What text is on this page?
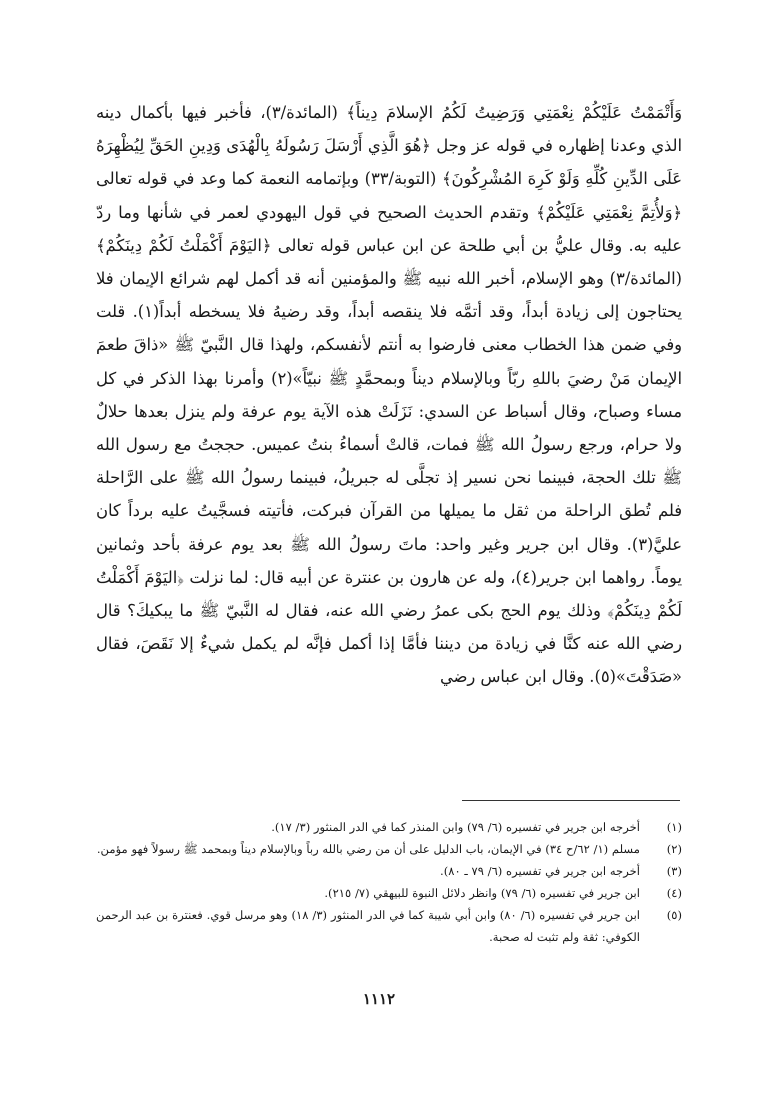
وَأَتْمَمْتُ عَلَيْكُمْ نِعْمَتِي وَرَضِيتُ لَكُمُ الإسلامَ دِيناً﴾ (المائدة/٣)، فأخبر فيها بأكمال دينه الذي وعدنا إظهاره في قوله عز وجل ﴿هُوَ الَّذِي أَرْسَلَ رَسُولَهُ بِالْهُدَى وَدِينِ الحَقِّ لِيُظْهِرَهُ عَلَى الدِّينِ كُلِّهِ وَلَوْ كَرِهَ المُشْرِكُونَ﴾ (التوبة/٣٣) وبإتمامه النعمة كما وعد في قوله تعالى ﴿وَلأُتِمَّ نِعْمَتِي عَلَيْكُمْ﴾ وتقدم الحديث الصحيح في قول اليهودي لعمر في شأنها وما ردّ عليه به. وقال عليُّ بن أبي طلحة عن ابن عباس قوله تعالى ﴿اليَوْمَ أَكْمَلْتُ لَكُمْ دِينَكُمْ﴾ (المائدة/٣) وهو الإسلام، أخبر الله نبيه ﷺ والمؤمنين أنه قد أكمل لهم شرائع الإيمان فلا يحتاجون إلى زيادة أبداً، وقد أتمَّه فلا ينقصه أبداً، وقد رضيهُ فلا يسخطه أبداً(١). قلت وفي ضمن هذا الخطاب معنى فارضوا به أنتم لأنفسكم، ولهذا قال النَّبيّ ﷺ «ذاقَ طعمَ الإيمان مَنْ رضيَ باللهِ ربّاً وبالإسلام ديناً وبمحمَّدٍ ﷺ نبيّاً»(٢) وأمرنا بهذا الذكر في كل مساء وصباح، وقال أسباط عن السدي: نَزَلَتْ هذه الآية يوم عرفة ولم ينزل بعدها حلالٌ ولا حرام، ورجع رسولُ الله ﷺ فمات، قالتْ أسماءُ بنتُ عميس. حججتُ مع رسول الله ﷺ تلك الحجة، فبينما نحن نسير إذ تجلَّى له جبريلُ، فبينما رسولُ الله ﷺ على الرَّاحلة فلم تُطق الراحلة من ثقل ما يميلها من القرآن فبركت، فأتيته فسجَّيتُ عليه برداً كان عليَّ(٣). وقال ابن جرير وغير واحد: ماتَ رسولُ الله ﷺ بعد يوم عرفة بأحد وثمانين يوماً. رواهما ابن جرير(٤)، وله عن هارون بن عنترة عن أبيه قال: لما نزلت ﴿اليَوْمَ أَكْمَلْتُ لَكُمْ دِينَكُمْ﴾ وذلك يوم الحج بكى عمرُ رضي الله عنه، فقال له النَّبيّ ﷺ ما يبكيكَ؟ قال رضي الله عنه كنَّا في زيادة من ديننا فأمَّا إذا أكمل فإنَّه لم يكمل شيءٌ إلا نَقَصَ، فقال «صَدَقْتَ»(٥). وقال ابن عباس رضي

(١)
أخرجه ابن جرير في تفسيره (٦/ ٧٩) وابن المنذر كما في الدر المنثور (٣/ ١٧).
(٢)
مسلم (١/ ٦٢/ح ٣٤) في الإيمان، باب الدليل على أن من رضي بالله رباً وبالإسلام ديناً وبمحمد ﷺ رسولاً فهو مؤمن.
(٣)
أخرجه ابن جرير في تفسيره (٦/ ٧٩ ـ ٨٠).
(٤)
ابن جرير في تفسيره (٦/ ٧٩) وانظر دلائل النبوة للبيهقي (٧/ ٢١٥).
(٥)
ابن جرير في تفسيره (٦/ ٨٠) وابن أبي شيبة كما في الدر المنثور (٣/ ١٨) وهو مرسل قوي. فعنترة بن عبد الرحمن الكوفي: ثقة ولم تثبت له صحبة.
١١١٢
